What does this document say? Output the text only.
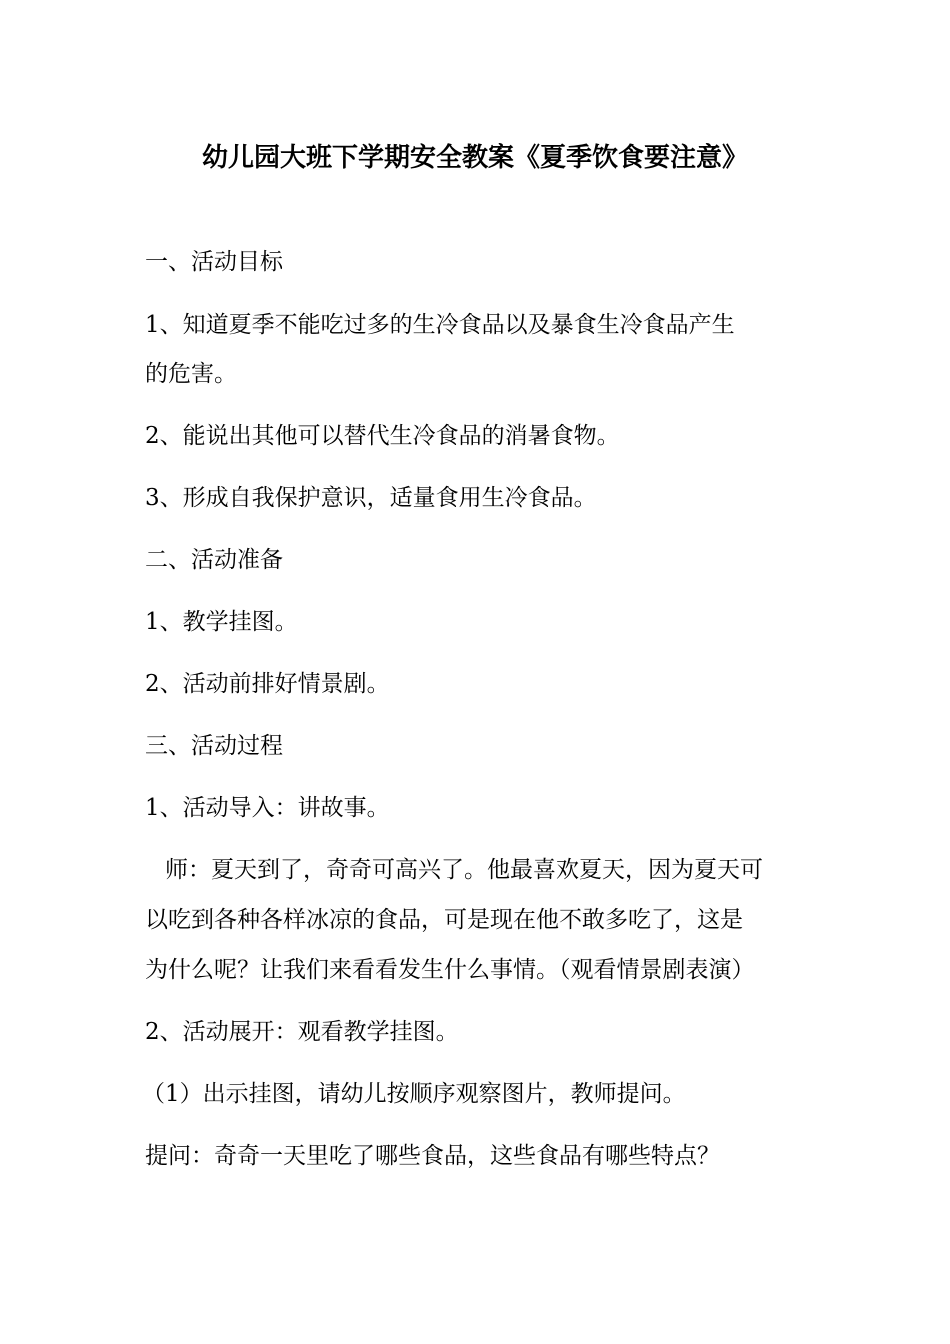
幼儿园大班下学期安全教案《夏季饮食要注意》
一、活动目标
1、知道夏季不能吃过多的生冷食品以及暴食生冷食品产生
的危害。
2、能说出其他可以替代生冷食品的消暑食物。
3、形成自我保护意识，适量食用生冷食品。
二、活动准备
1、教学挂图。
2、活动前排好情景剧。
三、活动过程
1、活动导入：讲故事。
师：夏天到了，奇奇可高兴了。他最喜欢夏天，因为夏天可
以吃到各种各样冰凉的食品，可是现在他不敢多吃了，这是
为什么呢？让我们来看看发生什么事情。（观看情景剧表演）
2、活动展开：观看教学挂图。
（1）出示挂图，请幼儿按顺序观察图片，教师提问。
提问：奇奇一天里吃了哪些食品，这些食品有哪些特点？
